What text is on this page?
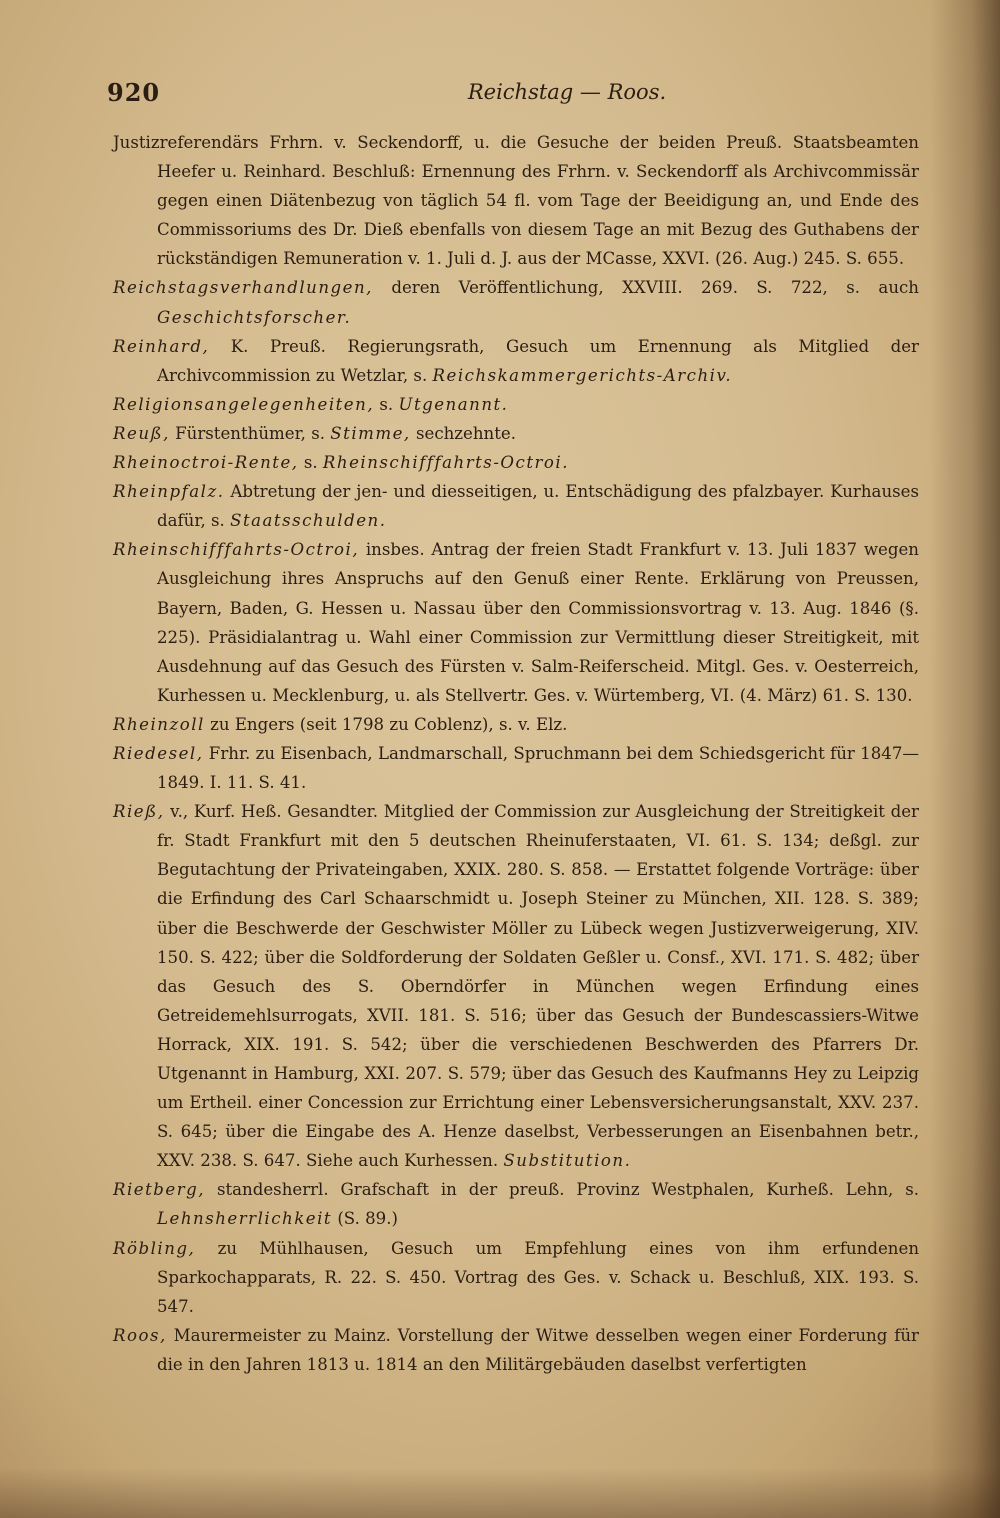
920	Reichstag — Roos.
Justizreferendärs Frhrn. v. Seckendorff, u. die Gesuche der beiden Preuß. Staatsbeamten Heefer u. Reinhard. Beschluß: Ernennung des Frhrn. v. Seckendorff als Archivcommissär gegen einen Diätenbezug von täglich 54 fl. vom Tage der Beeidigung an, und Ende des Commissoriums des Dr. Dieß ebenfalls von diesem Tage an mit Bezug des Guthabens der rückständigen Remuneration v. 1. Juli d. J. aus der MCasse, XXVI. (26. Aug.) 245. S. 655.
Reichstagsverhandlungen, deren Veröffentlichung, XXVIII. 269. S. 722, s. auch Geschichtsforscher.
Reinhard, K. Preuß. Regierungsrath, Gesuch um Ernennung als Mitglied der Archivcommission zu Wetzlar, s. Reichskammergerichts-Archiv.
Religionsangelegenheiten, s. Utgenannt.
Reuß, Fürstenthümer, s. Stimme, sechzehnte.
Rheinoctroi-Rente, s. Rheinschifffahrts-Octroi.
Rheinpfalz. Abtretung der jen- und diesseitigen, u. Entschädigung des pfalzbayer. Kurhauses dafür, s. Staatsschulden.
Rheinschifffahrts-Octroi, insbes. Antrag der freien Stadt Frankfurt v. 13. Juli 1837 wegen Ausgleichung ihres Anspruchs auf den Genuß einer Rente. Erklärung von Preussen, Bayern, Baden, G. Hessen u. Nassau über den Commissionsvortrag v. 13. Aug. 1846 (§. 225). Präsidialantrag u. Wahl einer Commission zur Vermittlung dieser Streitigkeit, mit Ausdehnung auf das Gesuch des Fürsten v. Salm-Reiferscheid. Mitgl. Ges. v. Oesterreich, Kurhessen u. Mecklenburg, u. als Stellvertr. Ges. v. Würtemberg, VI. (4. März) 61. S. 130.
Rheinzoll zu Engers (seit 1798 zu Coblenz), s. v. Elz.
Riedesel, Frhr. zu Eisenbach, Landmarschall, Spruchmann bei dem Schiedsgericht für 1847—1849. I. 11. S. 41.
Rieß, v., Kurf. Heß. Gesandter. Mitglied der Commission zur Ausgleichung der Streitigkeit der fr. Stadt Frankfurt mit den 5 deutschen Rheinuferstaaten, VI. 61. S. 134; deßgl. zur Begutachtung der Privateingaben, XXIX. 280. S. 858. — Erstattet folgende Vorträge: über die Erfindung des Carl Schaarschmidt u. Joseph Steiner zu München, XII. 128. S. 389; über die Beschwerde der Geschwister Möller zu Lübeck wegen Justizverweigerung, XIV. 150. S. 422; über die Soldforderung der Soldaten Geßler u. Consf., XVI. 171. S. 482; über das Gesuch des S. Oberndörfer in München wegen Erfindung eines Getreidemehlsurrogats, XVII. 181. S. 516; über das Gesuch der Bundescassiers-Witwe Horrack, XIX. 191. S. 542; über die verschiedenen Beschwerden des Pfarrers Dr. Utgenannt in Hamburg, XXI. 207. S. 579; über das Gesuch des Kaufmanns Hey zu Leipzig um Ertheil. einer Concession zur Errichtung einer Lebensversicherungsanstalt, XXV. 237. S. 645; über die Eingabe des A. Henze daselbst, Verbesserungen an Eisenbahnen betr., XXV. 238. S. 647. Siehe auch Kurhessen. Substitution.
Rietberg, standesherrl. Grafschaft in der preuß. Provinz Westphalen, Kurheß. Lehn, s. Lehnsherrlichkeit (S. 89.)
Röbling, zu Mühlhausen, Gesuch um Empfehlung eines von ihm erfundenen Sparkochapparats, R. 22. S. 450. Vortrag des Ges. v. Schack u. Beschluß, XIX. 193. S. 547.
Roos, Maurermeister zu Mainz. Vorstellung der Witwe desselben wegen einer Forderung für die in den Jahren 1813 u. 1814 an den Militärgebäuden daselbst verfertigten
